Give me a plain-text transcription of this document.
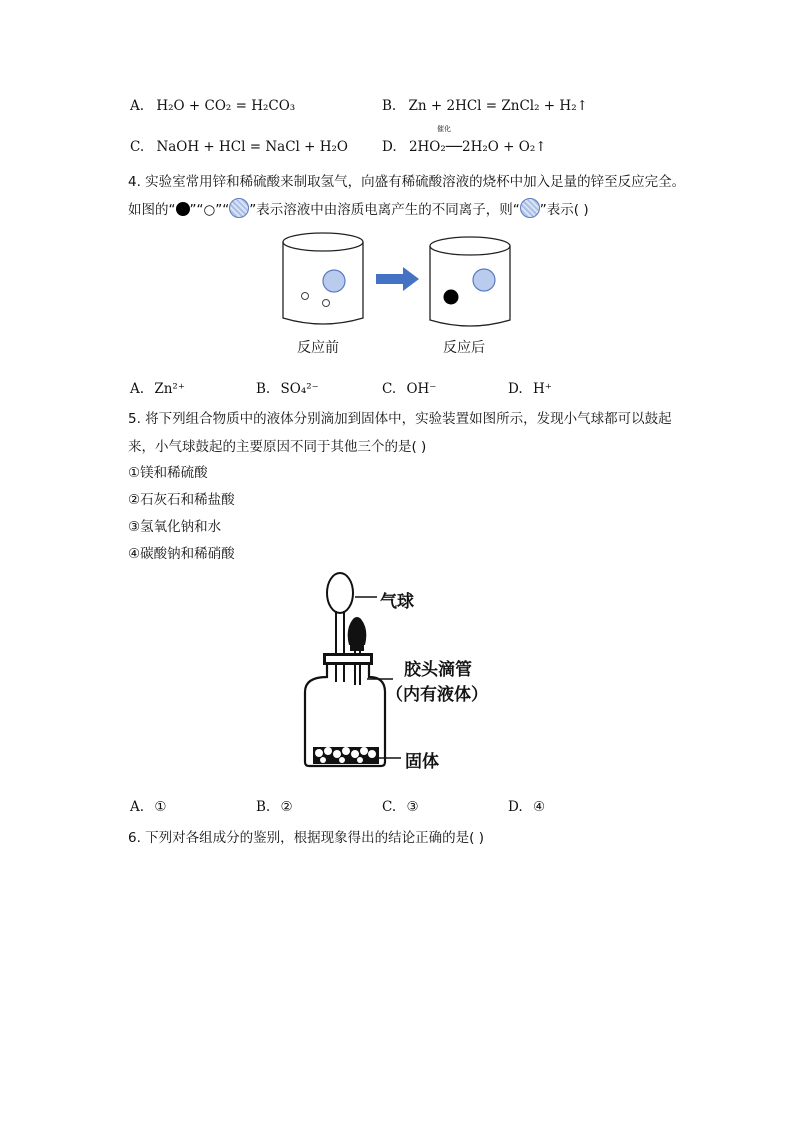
A. H₂O + CO₂ = H₂CO₃	B. Zn + 2HCl = ZnCl₂ + H₂↑
C. NaOH + HCl = NaCl + H₂O	D. 2HO₂──2H₂O + O₂↑
催化
4. 实验室常用锌和稀硫酸来制取氢气，向盛有稀硫酸溶液的烧杯中加入足量的锌至反应完全。
如图的“ ”“○”“ ”表示溶液中由溶质电离产生的不同离子，则“ ”表示( )
反应前	反应后
A. Zn²⁺	B. SO₄²⁻	C. OH⁻	D. H⁺
5. 将下列组合物质中的液体分别滴加到固体中，实验装置如图所示，发现小气球都可以鼓起
来，小气球鼓起的主要原因不同于其他三个的是( )
①镁和稀硫酸
②石灰石和稀盐酸
③氢氧化钠和水
④碳酸钠和稀硝酸
气球
胶头滴管
（内有液体）
固体
A. ①	B. ②	C. ③	D. ④
6. 下列对各组成分的鉴别，根据现象得出的结论正确的是( )
